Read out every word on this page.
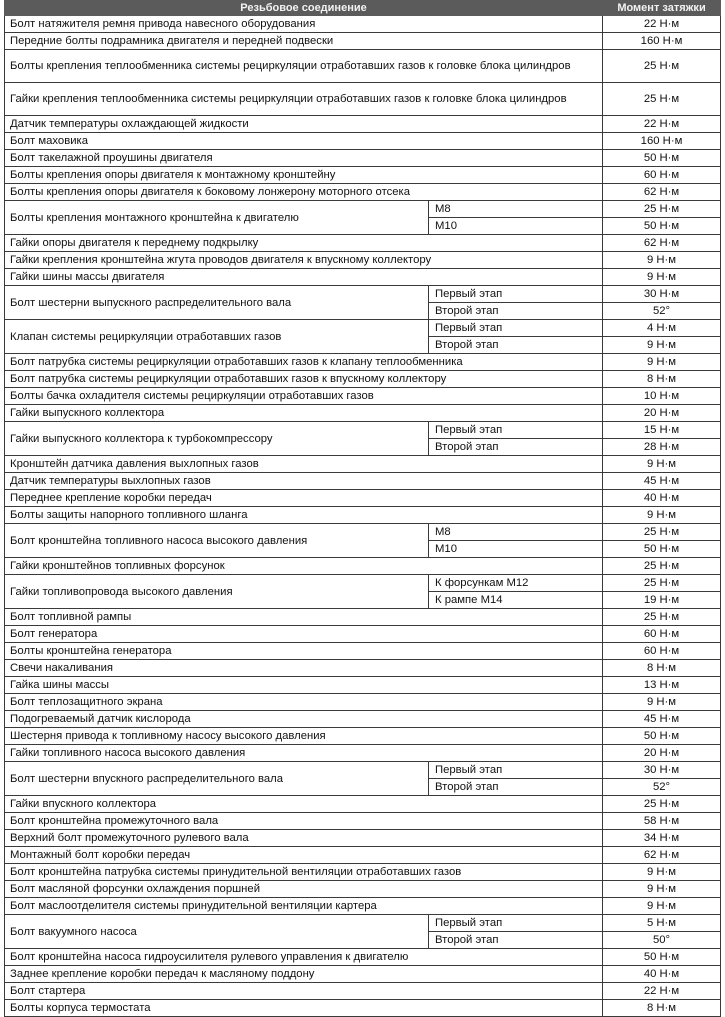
Резьбовое соединение		Момент затяжки
Болт натяжителя ремня привода навесного оборудования		22 Н·м
Передние болты подрамника двигателя и передней подвески		160 Н·м
Болты крепления теплообменника системы рециркуляции отработавших газов к головке блока цилиндров		25 Н·м
Гайки крепления теплообменника системы рециркуляции отработавших газов к головке блока цилиндров		25 Н·м
Датчик температуры охлаждающей жидкости		22 Н·м
Болт маховика		160 Н·м
Болт такелажной проушины двигателя		50 Н·м
Болты крепления опоры двигателя к монтажному кронштейну		60 Н·м
Болты крепления опоры двигателя к боковому лонжерону моторного отсека		62 Н·м
Болты крепления монтажного кронштейна к двигателю	M8	25 Н·м
	M10	50 Н·м
Гайки опоры двигателя к переднему подкрылку		62 Н·м
Гайки крепления кронштейна жгута проводов двигателя к впускному коллектору		9 Н·м
Гайки шины массы двигателя		9 Н·м
Болт шестерни выпускного распределительного вала	Первый этап	30 Н·м
	Второй этап	52°
Клапан системы рециркуляции отработавших газов	Первый этап	4 Н·м
	Второй этап	9 Н·м
Болт патрубка системы рециркуляции отработавших газов к клапану теплообменника		9 Н·м
Болт патрубка системы рециркуляции отработавших газов к впускному коллектору		8 Н·м
Болты бачка охладителя системы рециркуляции отработавших газов		10 Н·м
Гайки выпускного коллектора		20 Н·м
Гайки выпускного коллектора к турбокомпрессору	Первый этап	15 Н·м
	Второй этап	28 Н·м
Кронштейн датчика давления выхлопных газов		9 Н·м
Датчик температуры выхлопных газов		45 Н·м
Переднее крепление коробки передач		40 Н·м
Болты защиты напорного топливного шланга		9 Н·м
Болт кронштейна топливного насоса высокого давления	M8	25 Н·м
	M10	50 Н·м
Гайки кронштейнов топливных форсунок		25 Н·м
Гайки топливопровода высокого давления	К форсункам M12	25 Н·м
	К рампе M14	19 Н·м
Болт топливной рампы		25 Н·м
Болт генератора		60 Н·м
Болты кронштейна генератора		60 Н·м
Свечи накаливания		8 Н·м
Гайка шины массы		13 Н·м
Болт теплозащитного экрана		9 Н·м
Подогреваемый датчик кислорода		45 Н·м
Шестерня привода к топливному насосу высокого давления		50 Н·м
Гайки топливного насоса высокого давления		20 Н·м
Болт шестерни впускного распределительного вала	Первый этап	30 Н·м
	Второй этап	52°
Гайки впускного коллектора		25 Н·м
Болт кронштейна промежуточного вала		58 Н·м
Верхний болт промежуточного рулевого вала		34 Н·м
Монтажный болт коробки передач		62 Н·м
Болт кронштейна патрубка системы принудительной вентиляции отработавших газов		9 Н·м
Болт масляной форсунки охлаждения поршней		9 Н·м
Болт маслоотделителя системы принудительной вентиляции картера		9 Н·м
Болт вакуумного насоса	Первый этап	5 Н·м
	Второй этап	50°
Болт кронштейна насоса гидроусилителя рулевого управления к двигателю		50 Н·м
Заднее крепление коробки передач к масляному поддону		40 Н·м
Болт стартера		22 Н·м
Болты корпуса термостата		8 Н·м
